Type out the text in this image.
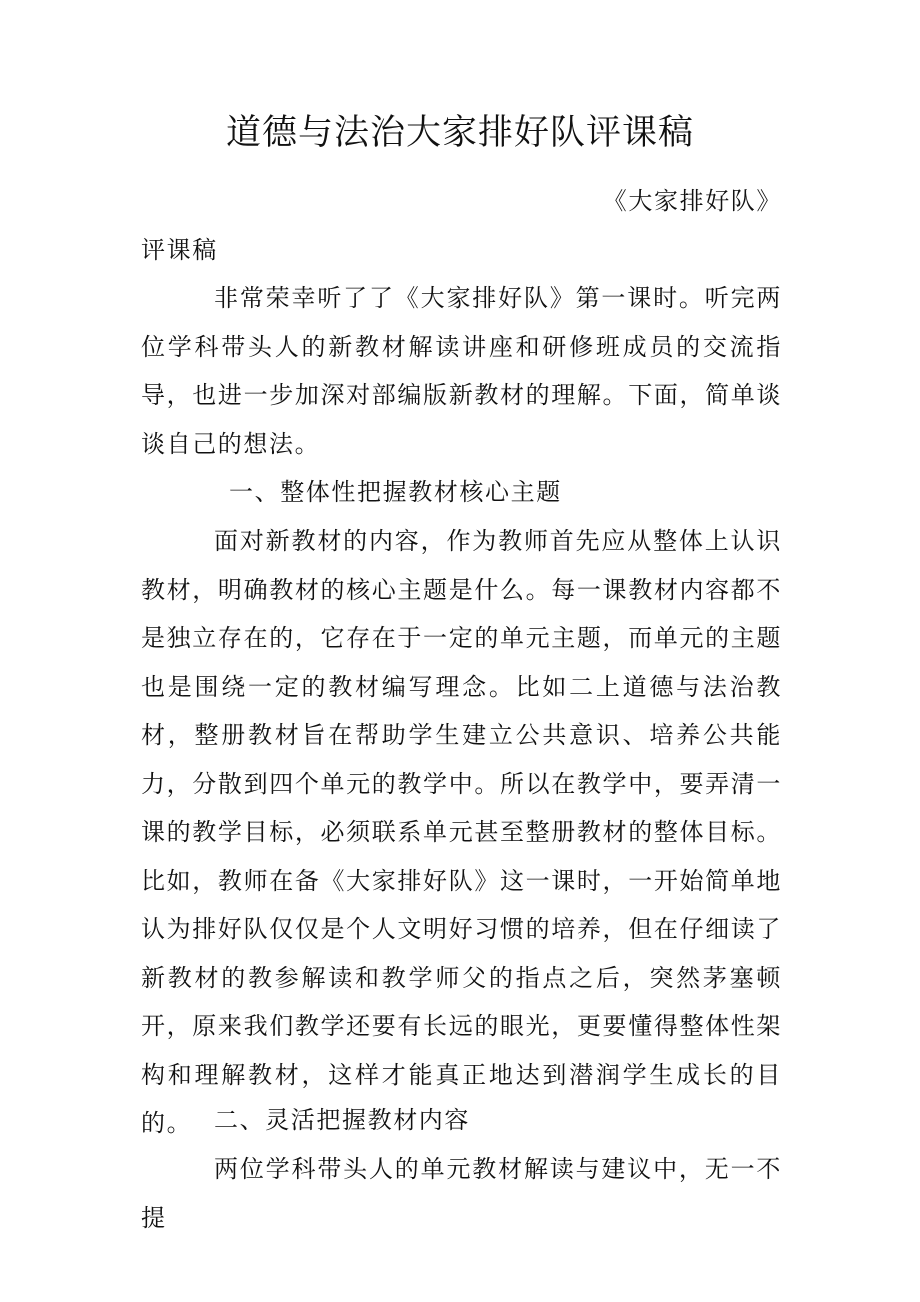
道德与法治大家排好队评课稿

《大家排好队》

评课稿

非常荣幸听了了《大家排好队》第一课时。听完两位学科带头人的新教材解读讲座和研修班成员的交流指导，也进一步加深对部编版新教材的理解。下面，简单谈谈自己的想法。

一、整体性把握教材核心主题

面对新教材的内容，作为教师首先应从整体上认识教材，明确教材的核心主题是什么。每一课教材内容都不是独立存在的，它存在于一定的单元主题，而单元的主题也是围绕一定的教材编写理念。比如二上道德与法治教材，整册教材旨在帮助学生建立公共意识、培养公共能力，分散到四个单元的教学中。所以在教学中，要弄清一课的教学目标，必须联系单元甚至整册教材的整体目标。比如，教师在备《大家排好队》这一课时，一开始简单地认为排好队仅仅是个人文明好习惯的培养，但在仔细读了新教材的教参解读和教学师父的指点之后，突然茅塞顿开，原来我们教学还要有长远的眼光，更要懂得整体性架构和理解教材，这样才能真正地达到潜润学生成长的目的。 二、灵活把握教材内容

两位学科带头人的单元教材解读与建议中，无一不提
